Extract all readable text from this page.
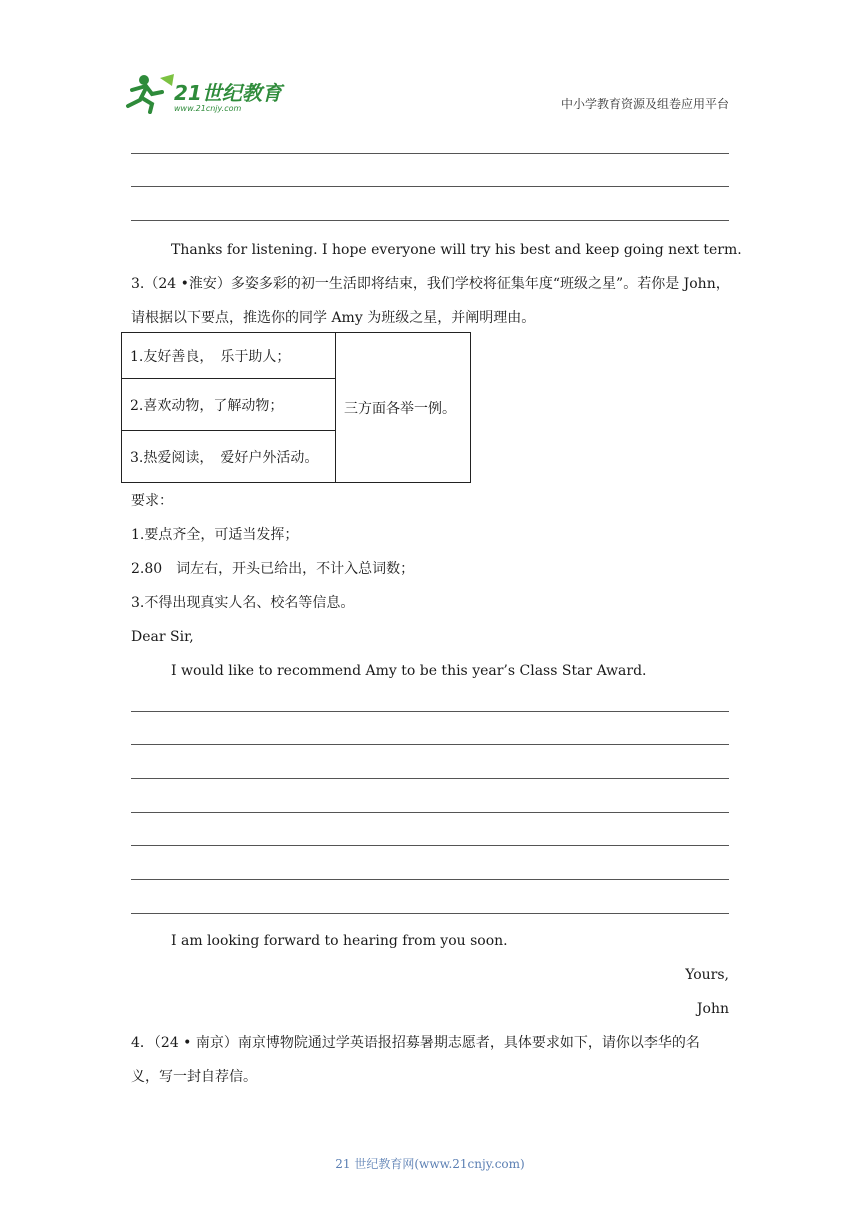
21世纪教育
www.21cnjy.com	中小学教育资源及组卷应用平台
Thanks for listening. I hope everyone will try his best and keep going next term.
3.（24 •淮安）多姿多彩的初一生活即将结束，我们学校将征集年度“班级之星”。若你是 John，
请根据以下要点，推选你的同学 Amy 为班级之星，并阐明理由。
1.友好善良，　乐于助人；	三方面各举一例。
2.喜欢动物，了解动物；
3.热爱阅读，　爱好户外活动。
要求：
1.要点齐全，可适当发挥；
2.80　词左右，开头已给出，不计入总词数；
3.不得出现真实人名、校名等信息。
Dear Sir,
I would like to recommend Amy to be this year’s Class Star Award.
I am looking forward to hearing from you soon.
Yours,
John
4．（24 • 南京）南京博物院通过学英语报招募暑期志愿者，具体要求如下，请你以李华的名
义，写一封自荐信。
21 世纪教育网(www.21cnjy.com)
